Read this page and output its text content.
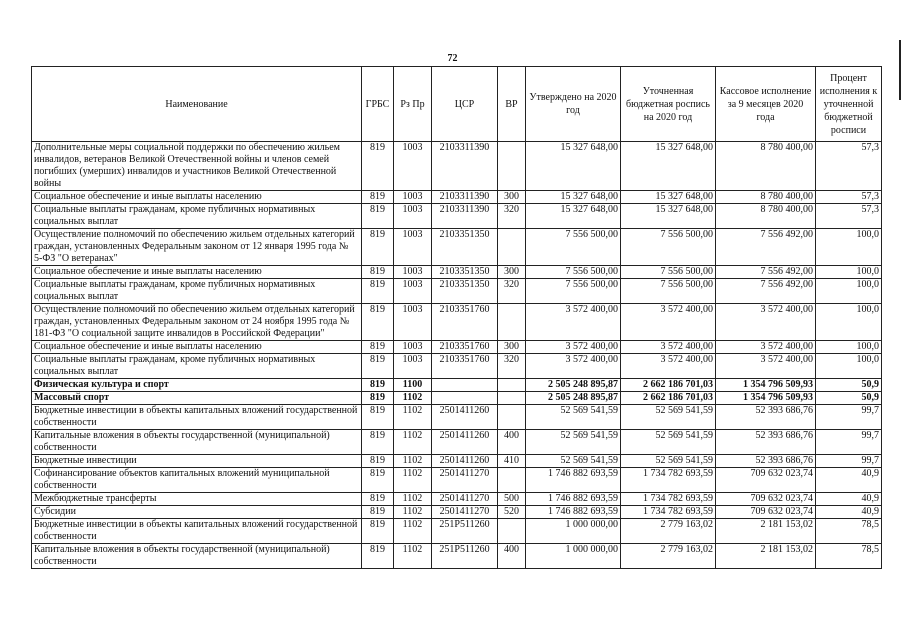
72
Наименование	ГРБС	Рз Пр	ЦСР	ВР	Утверждено на 2020 год	Уточненная бюджетная роспись на 2020 год	Кассовое исполнение за 9 месяцев 2020 года	Процент исполнения к уточненной бюджетной росписи
Дополнительные меры социальной поддержки по обеспечению жильем инвалидов, ветеранов Великой Отечественной войны и членов семей погибших (умерших) инвалидов и участников Великой Отечественной войны	819	1003	2103311390		15 327 648,00	15 327 648,00	8 780 400,00	57,3
Социальное обеспечение и иные выплаты населению	819	1003	2103311390	300	15 327 648,00	15 327 648,00	8 780 400,00	57,3
Социальные выплаты гражданам, кроме публичных нормативных социальных выплат	819	1003	2103311390	320	15 327 648,00	15 327 648,00	8 780 400,00	57,3
Осуществление полномочий по обеспечению жильем отдельных категорий граждан, установленных Федеральным законом от 12 января 1995 года № 5-ФЗ "О ветеранах"	819	1003	2103351350		7 556 500,00	7 556 500,00	7 556 492,00	100,0
Социальное обеспечение и иные выплаты населению	819	1003	2103351350	300	7 556 500,00	7 556 500,00	7 556 492,00	100,0
Социальные выплаты гражданам, кроме публичных нормативных социальных выплат	819	1003	2103351350	320	7 556 500,00	7 556 500,00	7 556 492,00	100,0
Осуществление полномочий по обеспечению жильем отдельных категорий граждан, установленных Федеральным законом от 24 ноября 1995 года № 181-ФЗ "О социальной защите инвалидов в Российской Федерации"	819	1003	2103351760		3 572 400,00	3 572 400,00	3 572 400,00	100,0
Социальное обеспечение и иные выплаты населению	819	1003	2103351760	300	3 572 400,00	3 572 400,00	3 572 400,00	100,0
Социальные выплаты гражданам, кроме публичных нормативных социальных выплат	819	1003	2103351760	320	3 572 400,00	3 572 400,00	3 572 400,00	100,0
Физическая культура и спорт	819	1100			2 505 248 895,87	2 662 186 701,03	1 354 796 509,93	50,9
Массовый спорт	819	1102			2 505 248 895,87	2 662 186 701,03	1 354 796 509,93	50,9
Бюджетные инвестиции в объекты капитальных вложений государственной собственности	819	1102	2501411260		52 569 541,59	52 569 541,59	52 393 686,76	99,7
Капитальные вложения в объекты государственной (муниципальной) собственности	819	1102	2501411260	400	52 569 541,59	52 569 541,59	52 393 686,76	99,7
Бюджетные инвестиции	819	1102	2501411260	410	52 569 541,59	52 569 541,59	52 393 686,76	99,7
Софинансирование объектов капитальных вложений муниципальной собственности	819	1102	2501411270		1 746 882 693,59	1 734 782 693,59	709 632 023,74	40,9
Межбюджетные трансферты	819	1102	2501411270	500	1 746 882 693,59	1 734 782 693,59	709 632 023,74	40,9
Субсидии	819	1102	2501411270	520	1 746 882 693,59	1 734 782 693,59	709 632 023,74	40,9
Бюджетные инвестиции в объекты капитальных вложений государственной собственности	819	1102	251P511260		1 000 000,00	2 779 163,02	2 181 153,02	78,5
Капитальные вложения в объекты государственной (муниципальной) собственности	819	1102	251P511260	400	1 000 000,00	2 779 163,02	2 181 153,02	78,5
